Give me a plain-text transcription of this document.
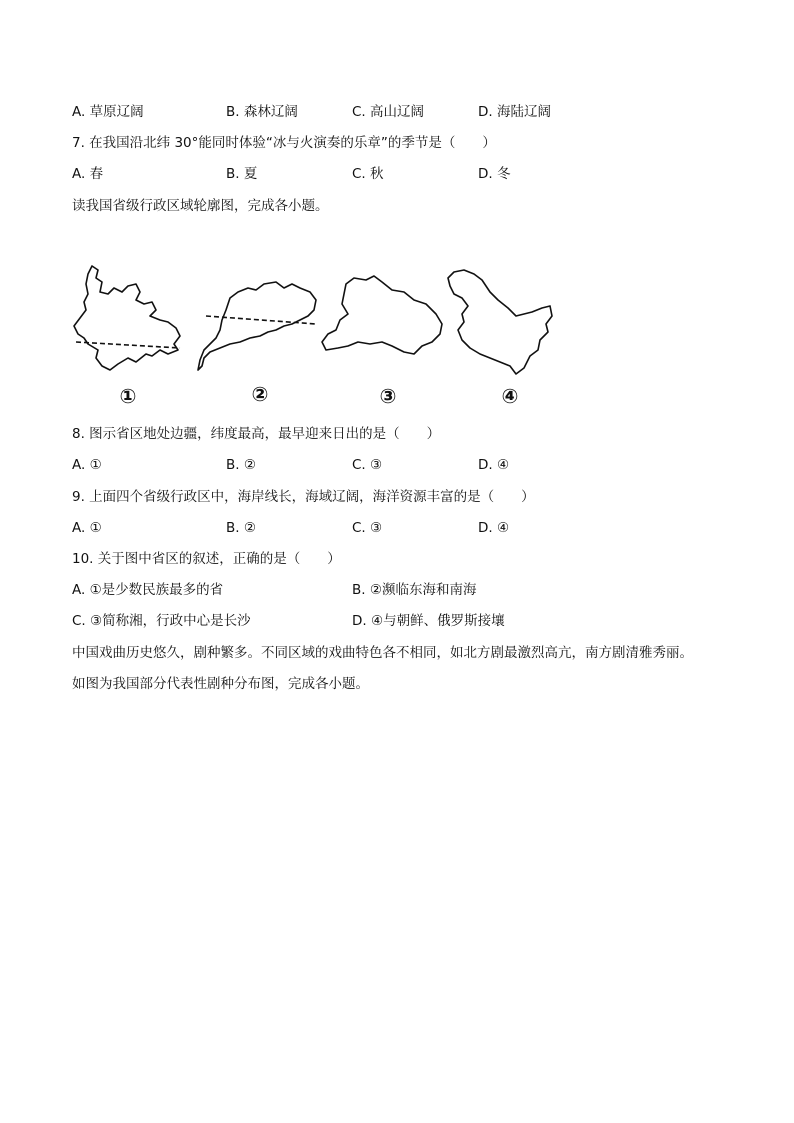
A. 草原辽阔	B. 森林辽阔	C. 高山辽阔	D. 海陆辽阔
7. 在我国沿北纬 30°能同时体验“冰与火演奏的乐章”的季节是（　　）
A. 春	B. 夏	C. 秋	D. 冬
读我国省级行政区域轮廓图，完成各小题。
①	②	③	④
8. 图示省区地处边疆，纬度最高，最早迎来日出的是（　　）
A. ①	B. ②	C. ③	D. ④
9. 上面四个省级行政区中，海岸线长，海域辽阔，海洋资源丰富的是（　　）
A. ①	B. ②	C. ③	D. ④
10. 关于图中省区的叙述，正确的是（　　）
A. ①是少数民族最多的省	B. ②濒临东海和南海
C. ③简称湘，行政中心是长沙	D. ④与朝鲜、俄罗斯接壤
中国戏曲历史悠久，剧种繁多。不同区域的戏曲特色各不相同，如北方剧最激烈高亢，南方剧清雅秀丽。
如图为我国部分代表性剧种分布图，完成各小题。
